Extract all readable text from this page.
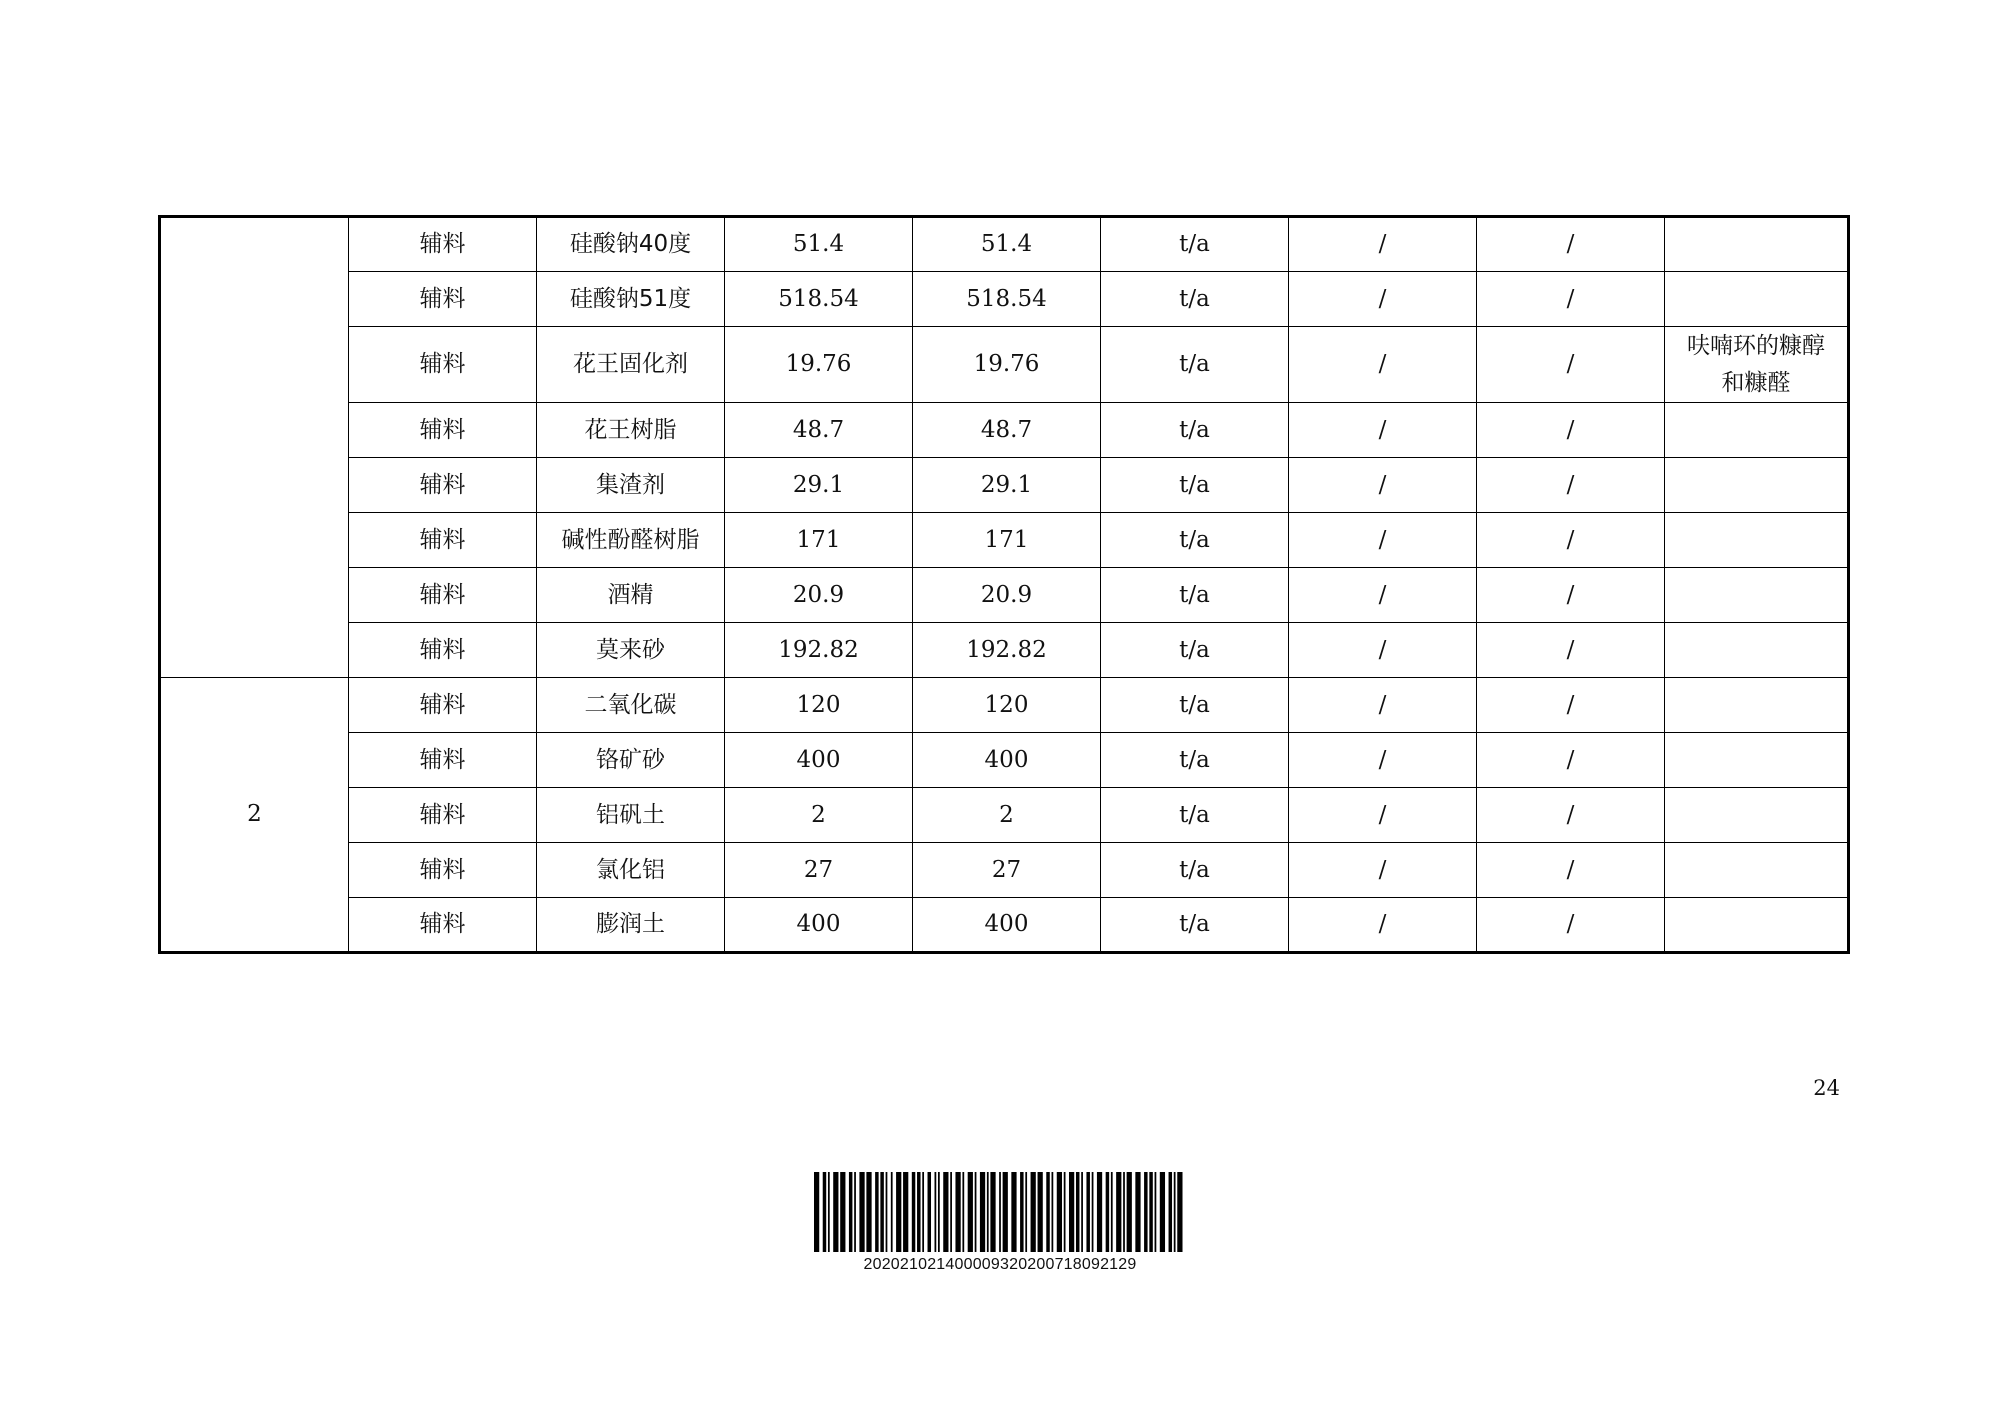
	辅料	硅酸钠40度	51.4	51.4	t/a	/	/	
	辅料	硅酸钠51度	518.54	518.54	t/a	/	/	
	辅料	花王固化剂	19.76	19.76	t/a	/	/	呋喃环的糠醇
和糠醛

	辅料	花王树脂	48.7	48.7	t/a	/	/	
	辅料	集渣剂	29.1	29.1	t/a	/	/	
	辅料	碱性酚醛树脂	171	171	t/a	/	/	
	辅料	酒精	20.9	20.9	t/a	/	/	
	辅料	莫来砂	192.82	192.82	t/a	/	/	
2	辅料	二氧化碳	120	120	t/a	/	/	
	辅料	铬矿砂	400	400	t/a	/	/	
	辅料	铝矾土	2	2	t/a	/	/	
	辅料	氯化铝	27	27	t/a	/	/	
	辅料	膨润土	400	400	t/a	/	/	
24
202021021400009320200718092129
